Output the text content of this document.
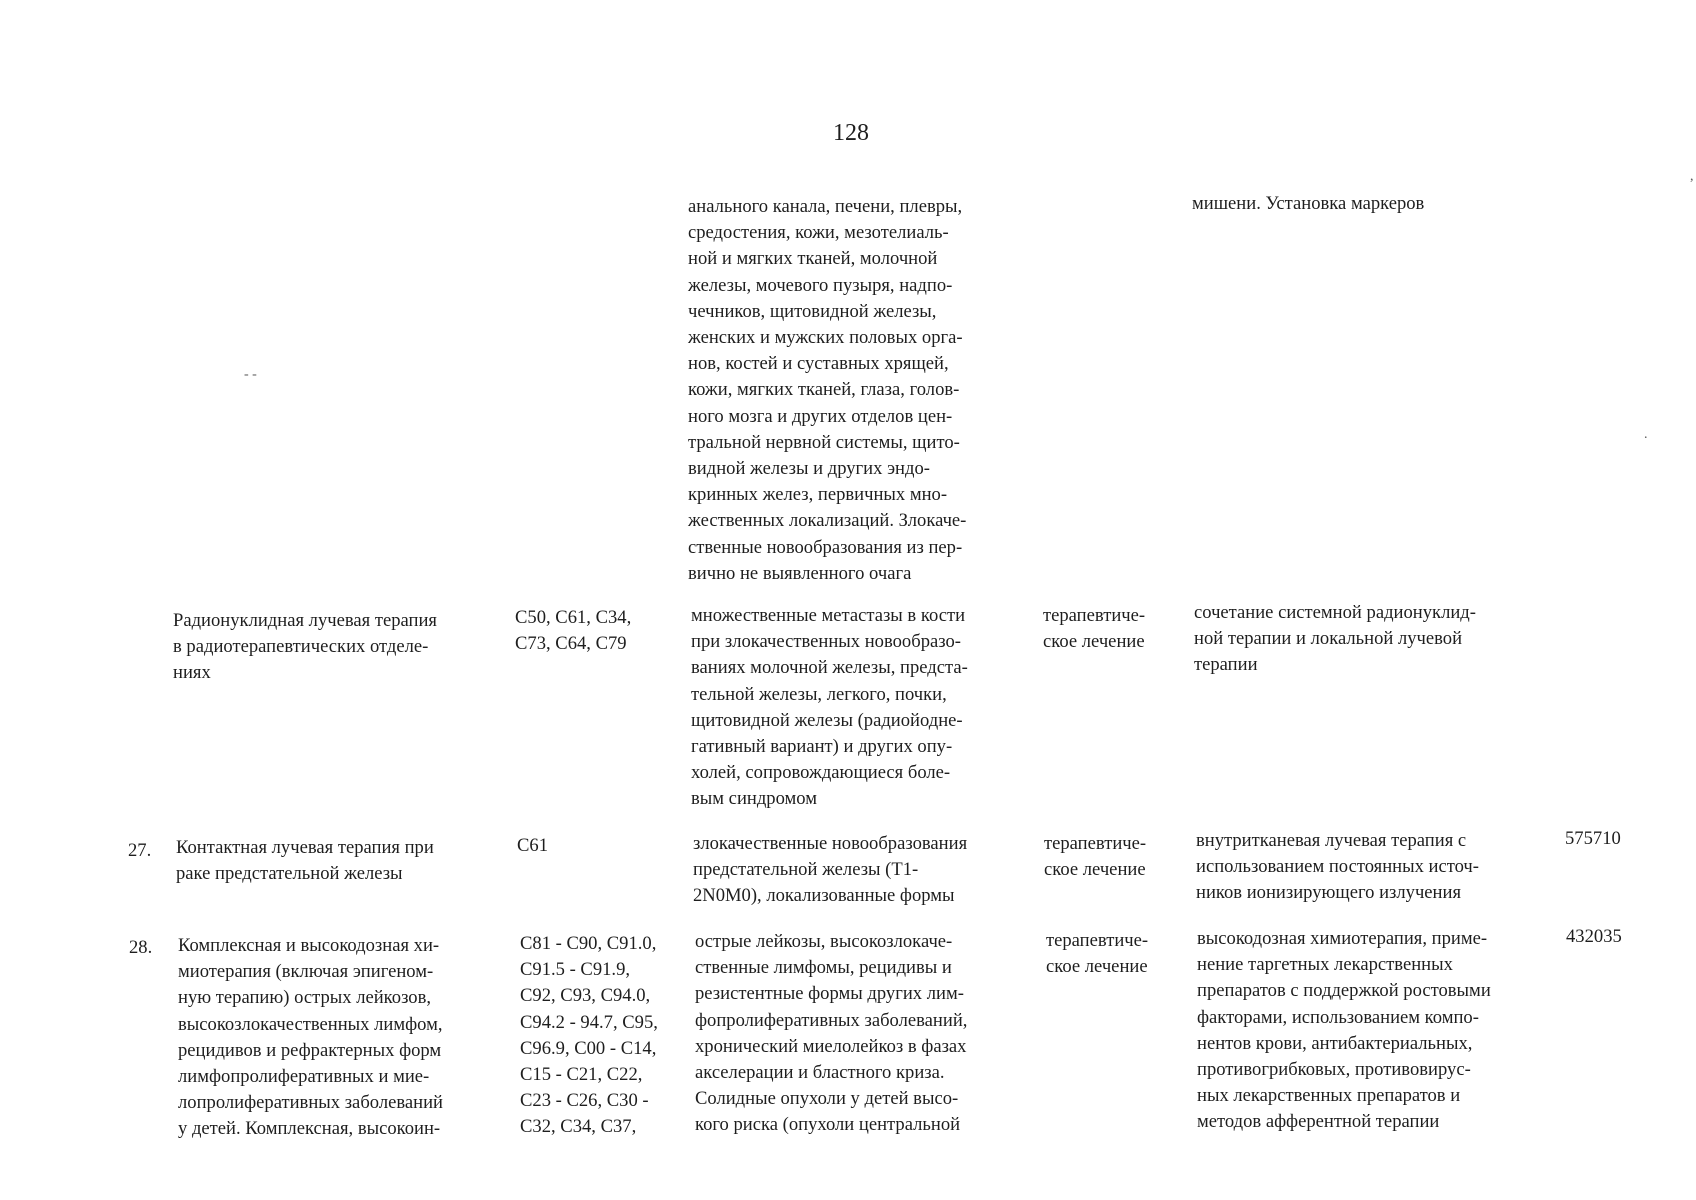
128
- -
,
.
анального канала, печени, плевры,
средостения, кожи, мезотелиаль-
ной и мягких тканей, молочной
железы, мочевого пузыря, надпо-
чечников, щитовидной железы,
женских и мужских половых орга-
нов, костей и суставных хрящей,
кожи, мягких тканей, глаза, голов-
ного мозга и других отделов цен-
тральной нервной системы, щито-
видной железы и других эндо-
кринных желез, первичных мно-
жественных локализаций. Злокаче-
ственные новообразования из пер-
вично не выявленного очага
мишени. Установка маркеров
Радионуклидная лучевая терапия
в радиотерапевтических отделе-
ниях
C50, C61, C34,
C73, C64, C79
множественные метастазы в кости
при злокачественных новообразо-
ваниях молочной железы, предста-
тельной железы, легкого, почки,
щитовидной железы (радиойодне-
гативный вариант) и других опу-
холей, сопровождающиеся боле-
вым синдромом
терапевтиче-
ское лечение
сочетание системной радионуклид-
ной терапии и локальной лучевой
терапии
27. Контактная лучевая терапия при
раке предстательной железы
C61	злокачественные новообразования
предстательной железы (T1-
2N0M0), локализованные формы
терапевтиче-
ское лечение
внутритканевая лучевая терапия с
использованием постоянных источ-
ников ионизирующего излучения
575710
28. Комплексная и высокодозная хи-
миотерапия (включая эпигеном-
ную терапию) острых лейкозов,
высокозлокачественных лимфом,
рецидивов и рефрактерных форм
лимфопролиферативных и мие-
лопролиферативных заболеваний
у детей. Комплексная, высокоин-
C81 - C90, C91.0,
C91.5 - C91.9,
C92, C93, C94.0,
C94.2 - 94.7, C95,
C96.9, C00 - C14,
C15 - C21, C22,
C23 - C26, C30 -
C32, C34, C37,
острые лейкозы, высокозлокаче-
ственные лимфомы, рецидивы и
резистентные формы других лим-
фопролиферативных заболеваний,
хронический миелолейкоз в фазах
акселерации и бластного криза.
Солидные опухоли у детей высо-
кого риска (опухоли центральной
терапевтиче-
ское лечение
высокодозная химиотерапия, приме-
нение таргетных лекарственных
препаратов с поддержкой ростовыми
факторами, использованием компо-
нентов крови, антибактериальных,
противогрибковых, противовирус-
ных лекарственных препаратов и
методов афферентной терапии
432035
